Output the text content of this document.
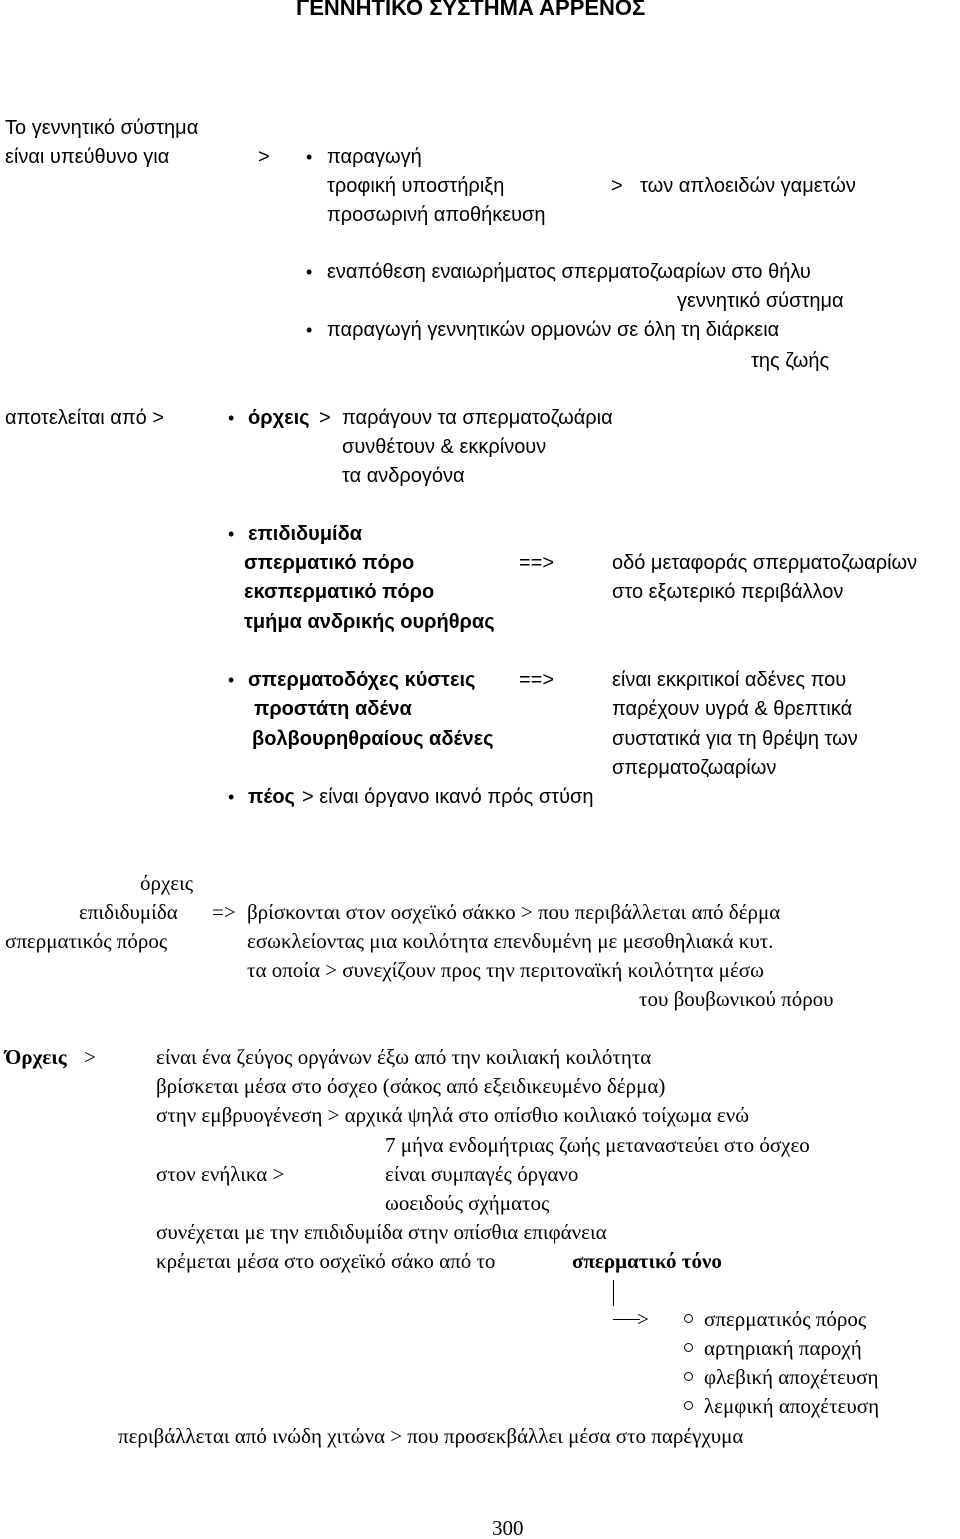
ΓΕΝΝΗΤΙΚΟ ΣΥΣΤΗΜΑ ΑΡΡΕΝΟΣ
Το γεννητικό σύστημα
είναι υπεύθυνο για	> • παραγωγή
τροφική υποστήριξη	> των απλοειδών γαμετών
προσωρινή αποθήκευση
• εναπόθεση εναιωρήματος σπερματοζωαρίων στο θήλυ
γεννητικό σύστημα
• παραγωγή γεννητικών ορμονών σε όλη τη διάρκεια
της ζωής
αποτελείται από >	• όρχεις > παράγουν τα σπερματοζωάρια
συνθέτουν & εκκρίνουν
τα ανδρογόνα
• επιδιδυμίδα
σπερματικό πόρο	==>	οδό μεταφοράς σπερματοζωαρίων
εκσπερματικό πόρο	στο εξωτερικό περιβάλλον
τμήμα ανδρικής ουρήθρας
• σπερματοδόχες κύστεις ==>	είναι εκκριτικοί αδένες που
προστάτη αδένα	παρέχουν υγρά & θρεπτικά
βολβουρηθραίους αδένες	συστατικά για τη θρέψη των
σπερματοζωαρίων
• πέος > είναι όργανο ικανό πρός στύση
όρχεις
επιδιδυμίδα => βρίσκονται στον οσχεϊκό σάκκο > που περιβάλλεται από δέρμα
σπερματικός πόρος	εσωκλείοντας μια κοιλότητα επενδυμένη με μεσοθηλιακά κυτ.
τα οποία > συνεχίζουν προς την περιτοναϊκή κοιλότητα μέσω
του βουβωνικού πόρου
Όρχεις >	είναι ένα ζεύγος οργάνων έξω από την κοιλιακή κοιλότητα
βρίσκεται μέσα στο όσχεο (σάκος από εξειδικευμένο δέρμα)
στην εμβρυογένεση > αρχικά ψηλά στο οπίσθιο κοιλιακό τοίχωμα ενώ
7 μήνα ενδομήτριας ζωής μεταναστεύει στο όσχεο
στον ενήλικα >	είναι συμπαγές όργανο
ωοειδούς σχήματος
συνέχεται με την επιδιδυμίδα στην οπίσθια επιφάνεια
κρέμεται μέσα στο οσχεϊκό σάκο από το	σπερματικό τόνο
>	σπερματικός πόρος
αρτηριακή παροχή
φλεβική αποχέτευση
λεμφική αποχέτευση
περιβάλλεται από ινώδη χιτώνα > που προσεκβάλλει μέσα στο παρέγχυμα
300
